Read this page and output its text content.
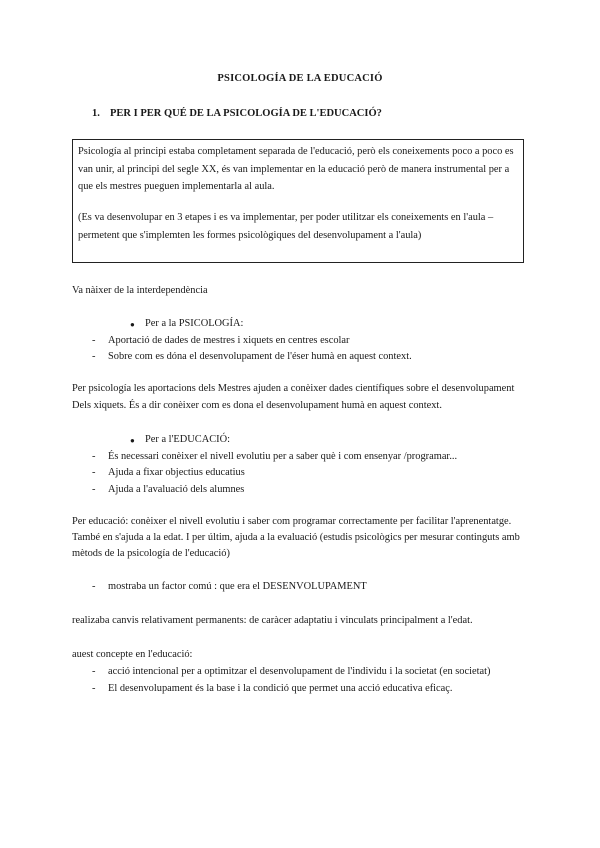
PSICOLOGÍA DE LA EDUCACIÓ
1. PER I PER QUÉ DE LA PSICOLOGÍA DE L'EDUCACIÓ?
Psicología al principi estaba completament separada de l'educació, però els coneixements poco a poco es
van unir, al principi del segle XX, és van implementar en la educació però de manera instrumental per a
que els mestres pueguen implementarla al aula.
(Es va desenvolupar en 3 etapes i es va implementar, per poder utilitzar els coneixements en l'aula –
permetent que s'implemten les formes psicològiques del desenvolupament a l'aula)
Va nàixer de la interdependència
● Per a la PSICOLOGÍA:
- Aportació de dades de mestres i xiquets en centres escolar
- Sobre com es dóna el desenvolupament de l'éser humà en aquest context.
Per psicología les aportacions dels Mestres ajuden a conèixer dades científiques sobre el desenvolupament
Dels xiquets. És a dir conèixer com es dona el desenvolupament humà en aquest context.
● Per a l'EDUCACIÓ:
- És necessari conèixer el nivell evolutiu per a saber què i com ensenyar /programar...
- Ajuda a fixar objectius educatius
- Ajuda a l'avaluació dels alumnes
Per educació: conèixer el nivell evolutiu i saber com programar correctamente per facilitar l'aprenentatge.
També en s'ajuda a la edat. I per últim, ajuda a la evaluació (estudis psicològics per mesurar continguts amb
mètods de la psicología de l'educació)
- mostraba un factor comú : que era el DESENVOLUPAMENT
realizaba canvis relativament permanents: de caràcer adaptatiu i vinculats principalment a l'edat.
auest concepte en l'educació:
- acció intencional per a optimitzar el desenvolupament de l'individu i la societat (en societat)
- El desenvolupament és la base i la condició que permet una acció educativa eficaç.
